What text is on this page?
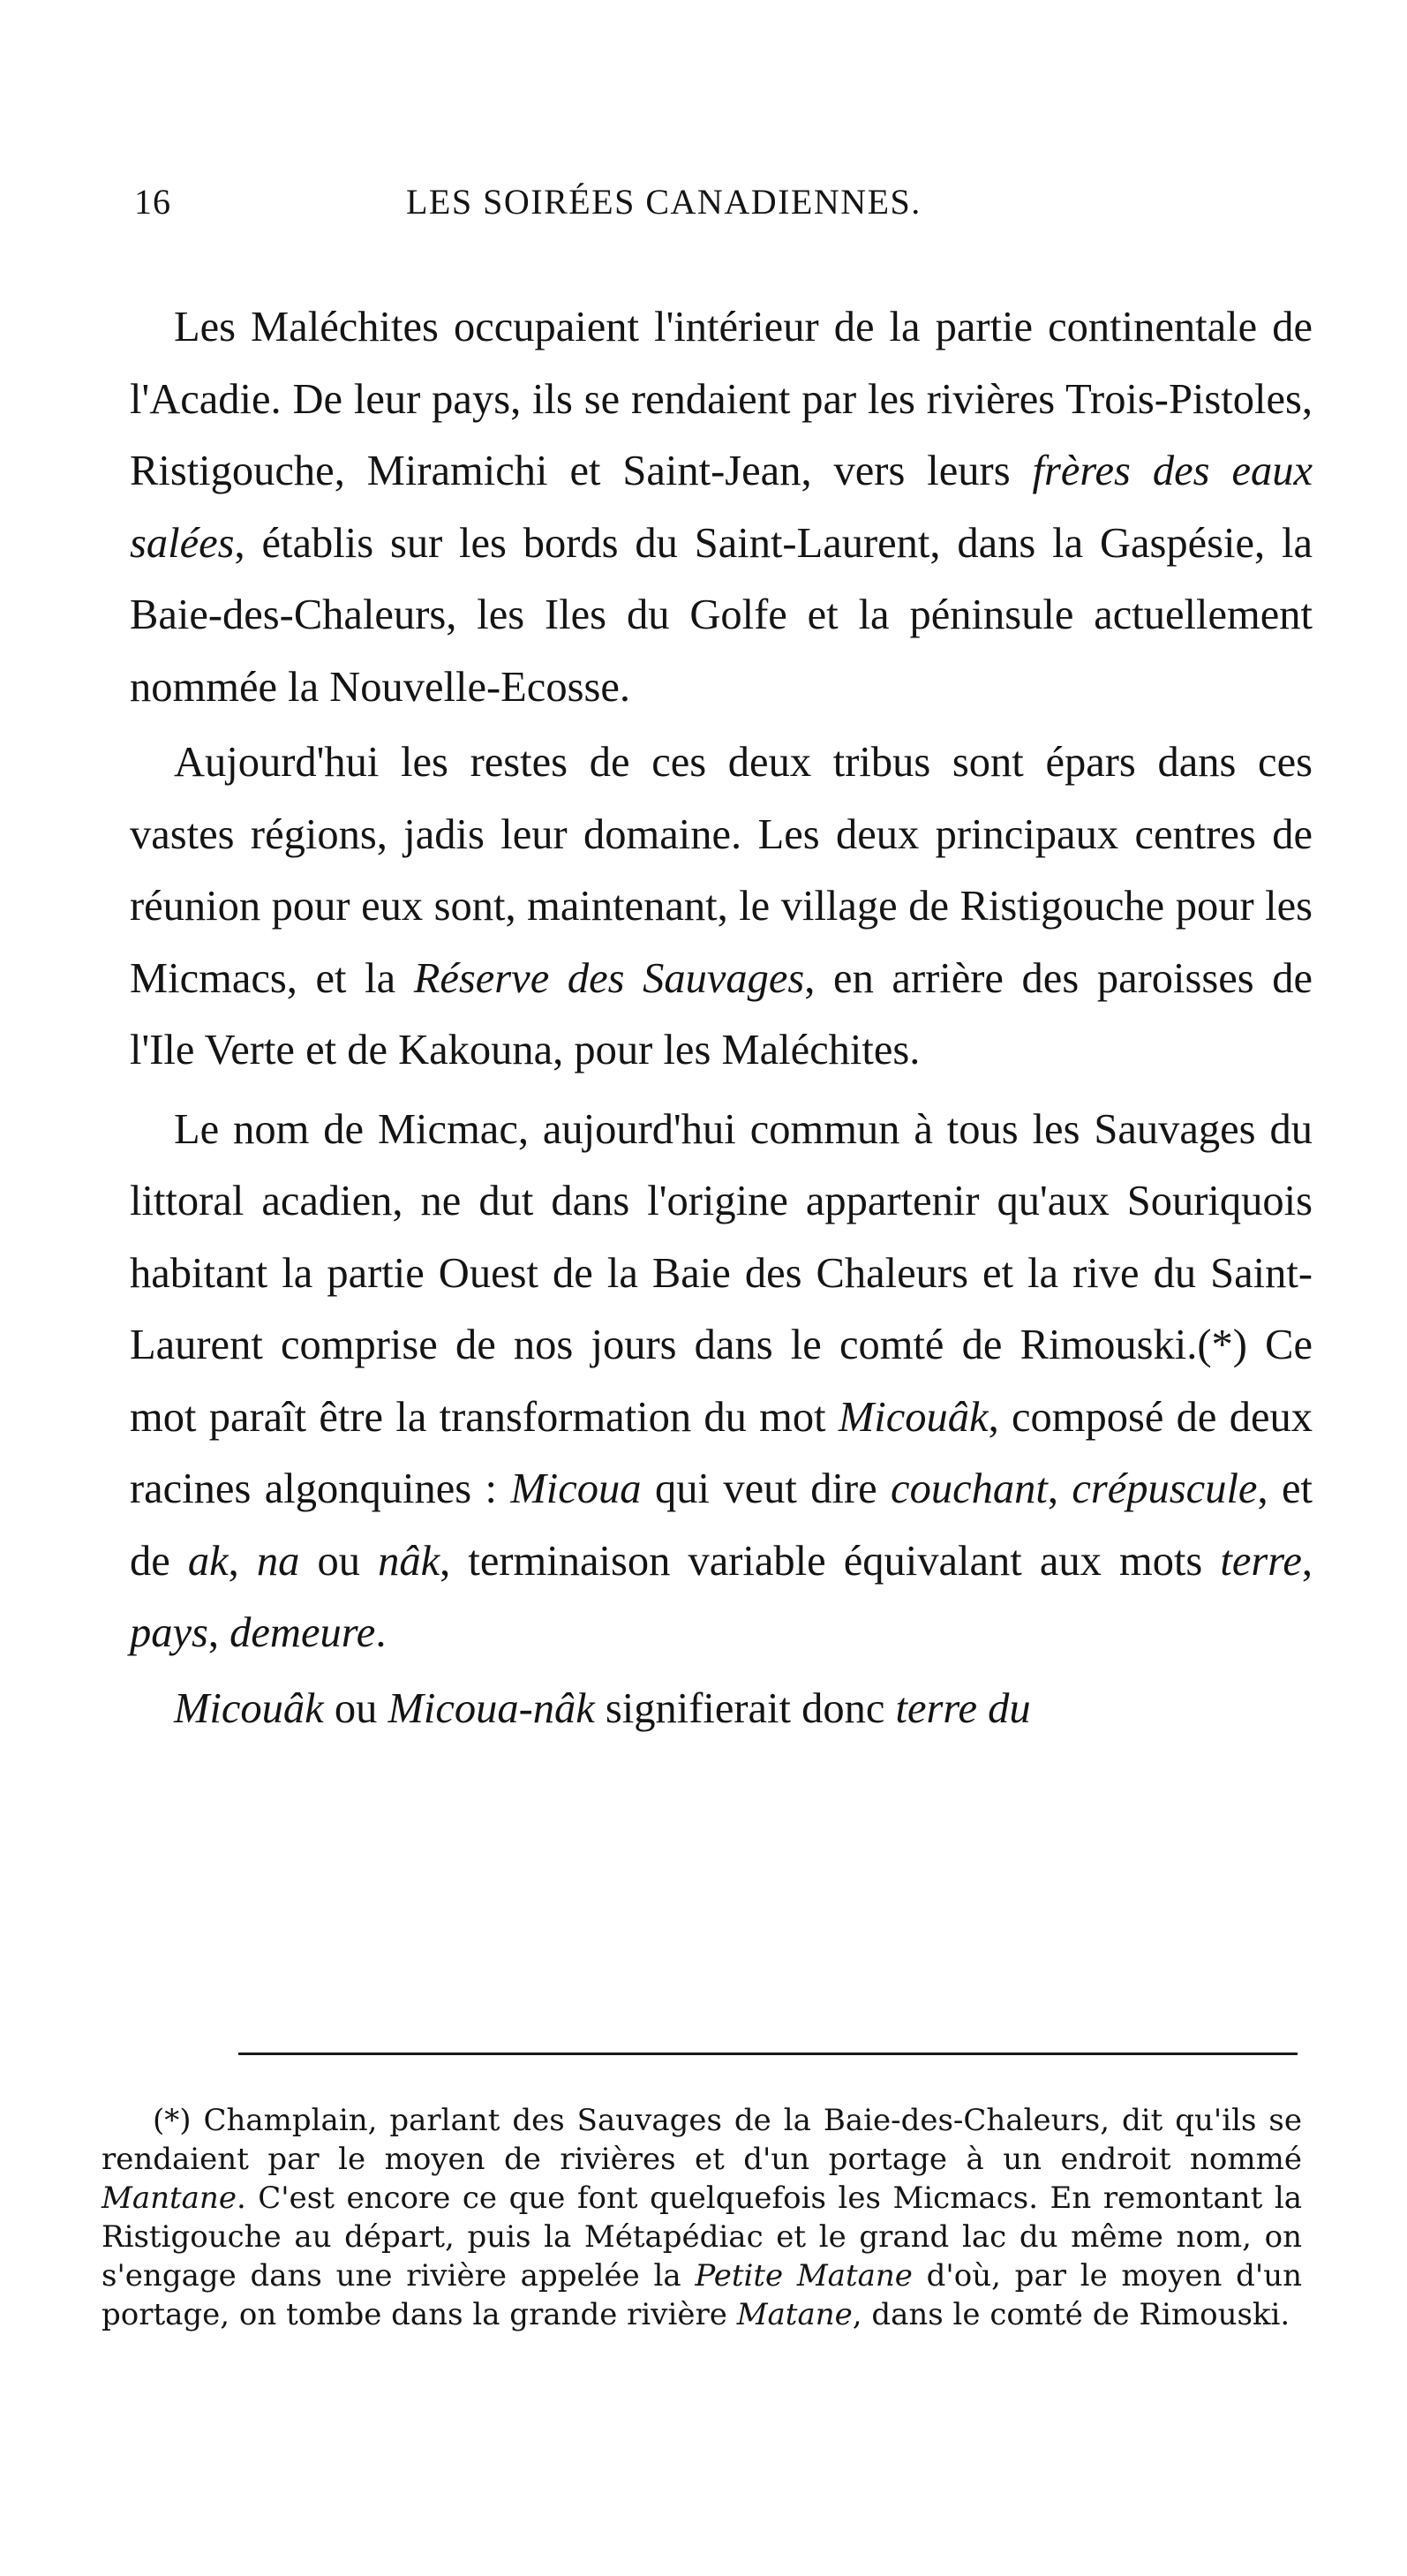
16	LES SOIRÉES CANADIENNES.

Les Maléchites occupaient l'intérieur de la partie continentale de l'Acadie. De leur pays, ils se rendaient par les rivières Trois-Pistoles, Ristigouche, Miramichi et Saint-Jean, vers leurs frères des eaux salées, établis sur les bords du Saint-Laurent, dans la Gaspésie, la Baie-des-Chaleurs, les Iles du Golfe et la péninsule actuellement nommée la Nouvelle-Ecosse.

Aujourd'hui les restes de ces deux tribus sont épars dans ces vastes régions, jadis leur domaine. Les deux principaux centres de réunion pour eux sont, maintenant, le village de Ristigouche pour les Micmacs, et la Réserve des Sauvages, en arrière des paroisses de l'Ile Verte et de Kakouna, pour les Maléchites.

Le nom de Micmac, aujourd'hui commun à tous les Sauvages du littoral acadien, ne dut dans l'origine appartenir qu'aux Souriquois habitant la partie Ouest de la Baie des Chaleurs et la rive du Saint-Laurent comprise de nos jours dans le comté de Rimouski.(*) Ce mot paraît être la transformation du mot Micouâk, composé de deux racines algonquines : Micoua qui veut dire couchant, crépuscule, et de ak, na ou nâk, terminaison variable équivalant aux mots terre, pays, demeure.

Micouâk ou Micoua-nâk signifierait donc terre du

(*) Champlain, parlant des Sauvages de la Baie-des-Chaleurs, dit qu'ils se rendaient par le moyen de rivières et d'un portage à un endroit nommé Mantane. C'est encore ce que font quelquefois les Micmacs. En remontant la Ristigouche au départ, puis la Métapédiac et le grand lac du même nom, on s'engage dans une rivière appelée la Petite Matane d'où, par le moyen d'un portage, on tombe dans la grande rivière Matane, dans le comté de Rimouski.
